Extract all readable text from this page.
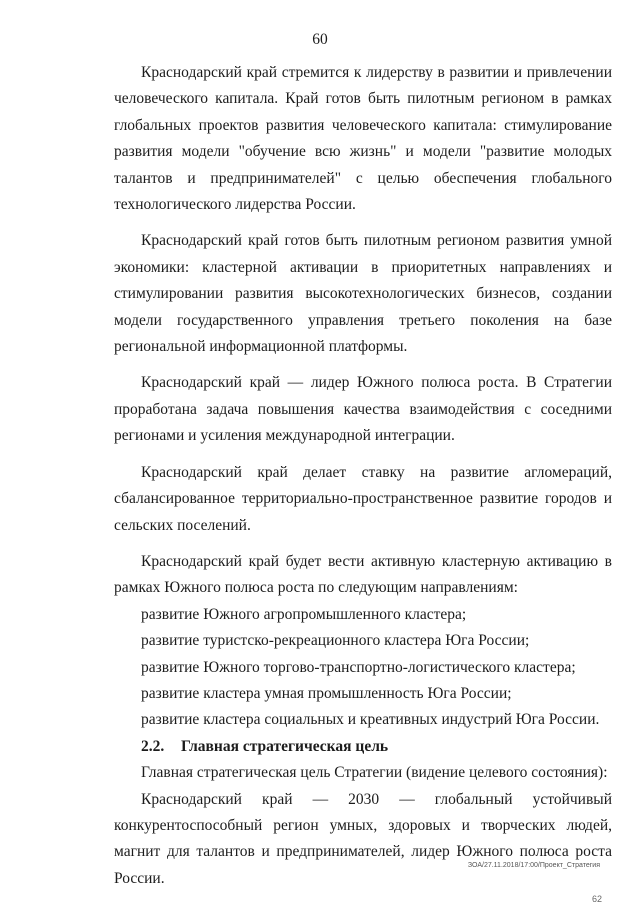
60

Краснодарский край стремится к лидерству в развитии и привлечении человеческого капитала. Край готов быть пилотным регионом в рамках глобальных проектов развития человеческого капитала: стимулирование развития модели "обучение всю жизнь" и модели "развитие молодых талантов и предпринимателей" с целью обеспечения глобального технологического лидерства России.

Краснодарский край готов быть пилотным регионом развития умной экономики: кластерной активации в приоритетных направлениях и стимулировании развития высокотехнологических бизнесов, создании модели государственного управления третьего поколения на базе региональной информационной платформы.

Краснодарский край — лидер Южного полюса роста. В Стратегии проработана задача повышения качества взаимодействия с соседними регионами и усиления международной интеграции.

Краснодарский край делает ставку на развитие агломераций, сбалансированное территориально-пространственное развитие городов и сельских поселений.

Краснодарский край будет вести активную кластерную активацию в рамках Южного полюса роста по следующим направлениям:

развитие Южного агропромышленного кластера;

развитие туристско-рекреационного кластера Юга России;

развитие Южного торгово-транспортно-логистического кластера;

развитие кластера умная промышленность Юга России;

развитие кластера социальных и креативных индустрий Юга России.

2.2. Главная стратегическая цель

Главная стратегическая цель Стратегии (видение целевого состояния):

Краснодарский край — 2030 — глобальный устойчивый конкурентоспособный регион умных, здоровых и творческих людей, магнит для талантов и предпринимателей, лидер Южного полюса роста России.

ЗОА/27.11.2018/17:00/Проект_Стратегия
62
